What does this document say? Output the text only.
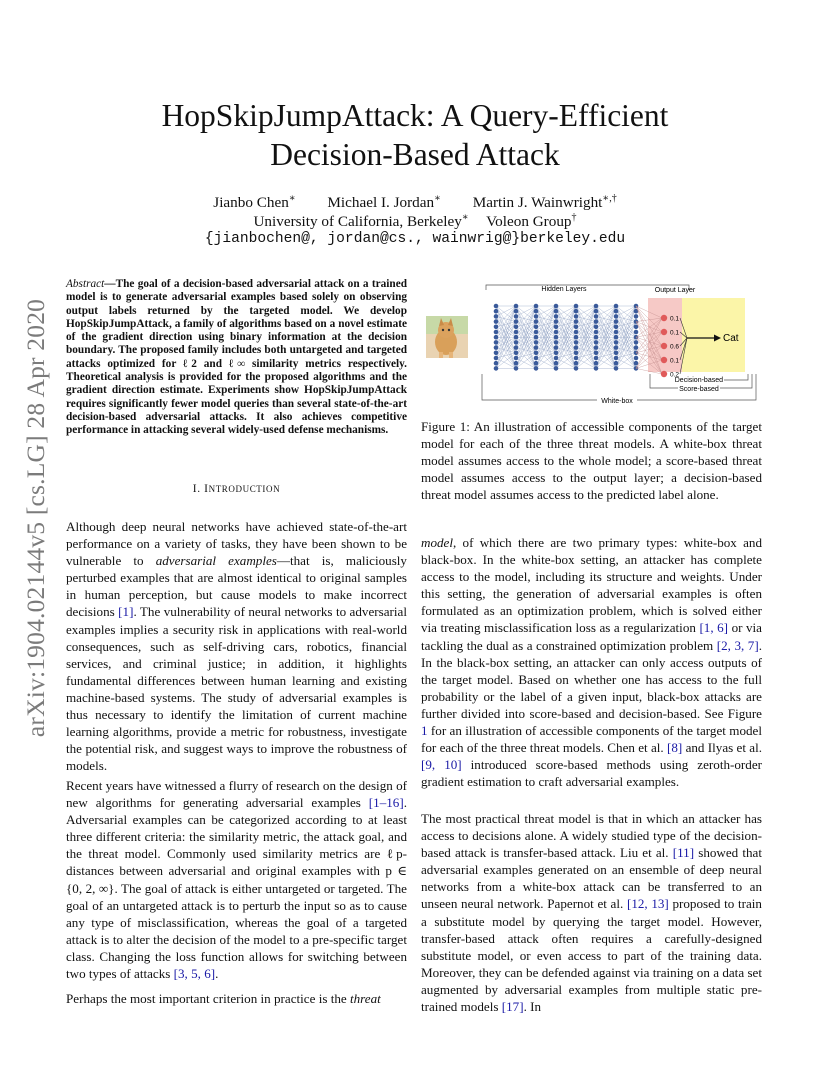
arXiv:1904.02144v5 [cs.LG] 28 Apr 2020
HopSkipJumpAttack: A Query-Efficient
Decision-Based Attack
Jianbo Chen∗ Michael I. Jordan∗ Martin J. Wainwright∗,†
University of California, Berkeley∗ Voleon Group†
{jianbochen@, jordan@cs., wainwrig@}berkeley.edu
Abstract—The goal of a decision-based adversarial attack on a trained model is to generate adversarial examples based solely on observing output labels returned by the targeted model. We develop HopSkipJumpAttack, a family of algorithms based on a novel estimate of the gradient direction using binary information at the decision boundary. The proposed family includes both untargeted and targeted attacks optimized for ℓ2 and ℓ∞ similarity metrics respectively. Theoretical analysis is provided for the proposed algorithms and the gradient direction estimate. Experiments show HopSkipJumpAttack requires significantly fewer model queries than several state-of-the-art decision-based adversarial attacks. It also achieves competitive performance in attacking several widely-used defense mechanisms.
I. INTRODUCTION
Although deep neural networks have achieved state-of-the-art performance on a variety of tasks, they have been shown to be vulnerable to adversarial examples—that is, maliciously perturbed examples that are almost identical to original samples in human perception, but cause models to make incorrect decisions [1]. The vulnerability of neural networks to adversarial examples implies a security risk in applications with real-world consequences, such as self-driving cars, robotics, financial services, and criminal justice; in addition, it highlights fundamental differences between human learning and existing machine-based systems. The study of adversarial examples is thus necessary to identify the limitation of current machine learning algorithms, provide a metric for robustness, investigate the potential risk, and suggest ways to improve the robustness of models.
Recent years have witnessed a flurry of research on the design of new algorithms for generating adversarial examples [1–16]. Adversarial examples can be categorized according to at least three different criteria: the similarity metric, the attack goal, and the threat model. Commonly used similarity metrics are ℓp-distances between adversarial and original examples with p ∈ {0, 2, ∞}. The goal of attack is either untargeted or targeted. The goal of an untargeted attack is to perturb the input so as to cause any type of misclassification, whereas the goal of a targeted attack is to alter the decision of the model to a pre-specific target class. Changing the loss function allows for switching between two types of attacks [3, 5, 6].
Perhaps the most important criterion in practice is the threat
model, of which there are two primary types: white-box and black-box. In the white-box setting, an attacker has complete access to the model, including its structure and weights. Under this setting, the generation of adversarial examples is often formulated as an optimization problem, which is solved either via treating misclassification loss as a regularization [1, 6] or via tackling the dual as a constrained optimization problem [2, 3, 7]. In the black-box setting, an attacker can only access outputs of the target model. Based on whether one has access to the full probability or the label of a given input, black-box attacks are further divided into score-based and decision-based. See Figure 1 for an illustration of accessible components of the target model for each of the three threat models. Chen et al. [8] and Ilyas et al. [9, 10] introduced score-based methods using zeroth-order gradient estimation to craft adversarial examples.
The most practical threat model is that in which an attacker has access to decisions alone. A widely studied type of the decision-based attack is transfer-based attack. Liu et al. [11] showed that adversarial examples generated on an ensemble of deep neural networks from a white-box attack can be transferred to an unseen neural network. Papernot et al. [12, 13] proposed to train a substitute model by querying the target model. However, transfer-based attack often requires a carefully-designed substitute model, or even access to part of the training data. Moreover, they can be defended against via training on a data set augmented by adversarial examples from multiple static pre-trained models [17]. In
Hidden Layers	Output Layer
0.1
0.1
0.6
0.1
0.2
Cat
Decision-based
Score-based
White-box
Figure 1: An illustration of accessible components of the target model for each of the three threat models. A white-box threat model assumes access to the whole model; a score-based threat model assumes access to the output layer; a decision-based threat model assumes access to the predicted label alone.
